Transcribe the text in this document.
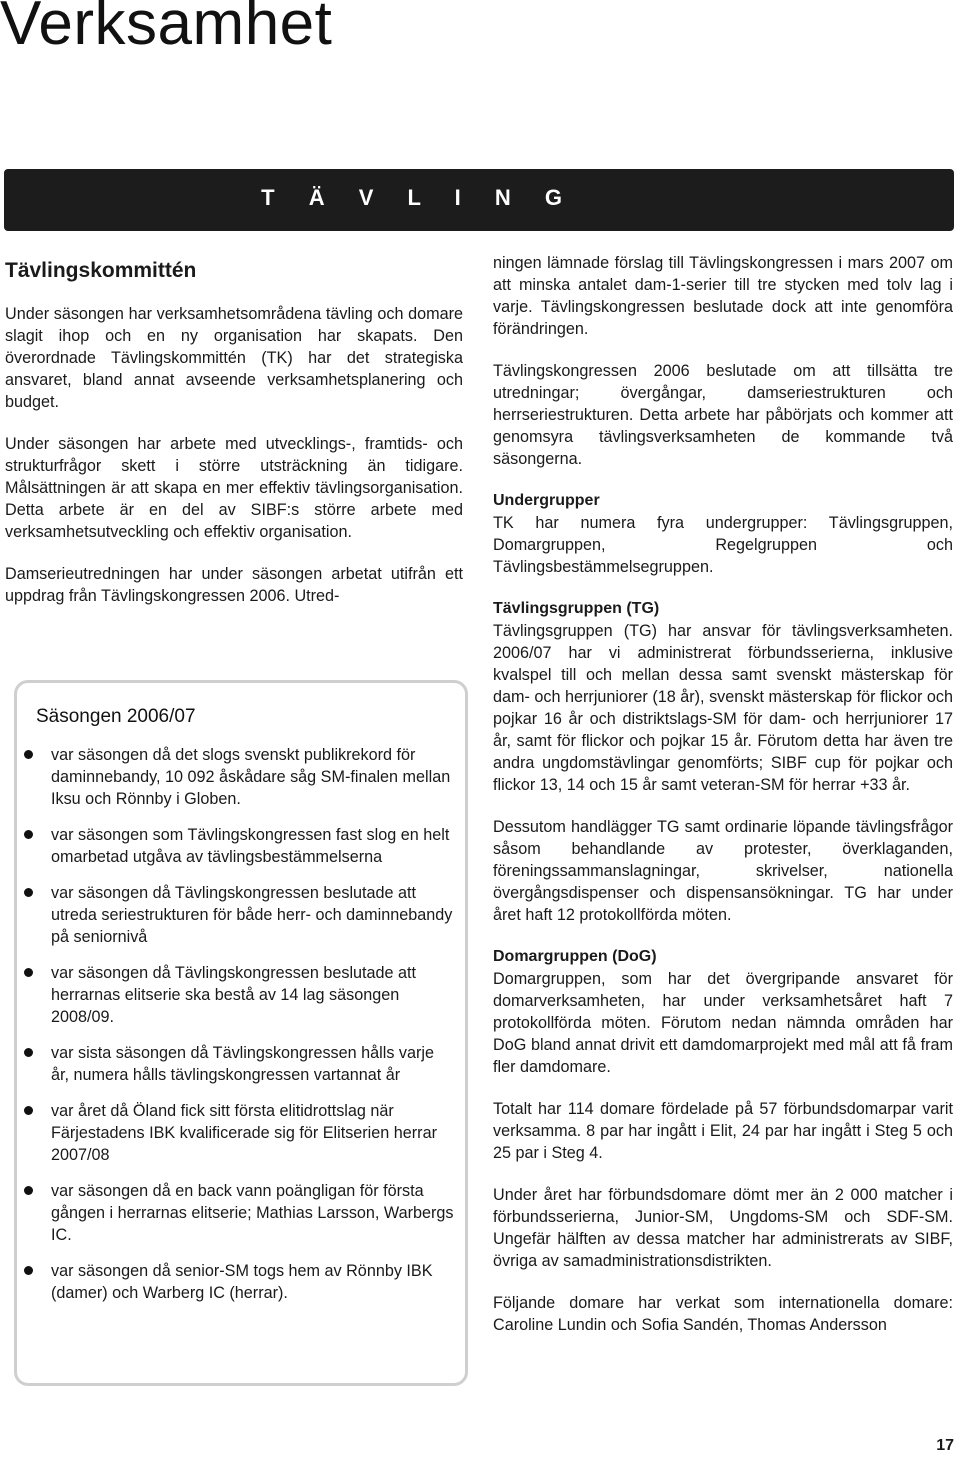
Verksamhet
T Ä V L I N G
Tävlingskommittén

Under säsongen har verksamhetsområdena tävling och domare slagit ihop och en ny organisation har skapats. Den överordnade Tävlingskommittén (TK) har det strategiska ansvaret, bland annat avseende verksamhetsplanering och budget.

Under säsongen har arbete med utvecklings-, framtids- och strukturfrågor skett i större utsträckning än tidigare. Målsättningen är att skapa en mer effektiv tävlingsorganisation. Detta arbete är en del av SIBF:s större arbete med verksamhetsutveckling och effektiv organisation.

Damserieutredningen har under säsongen arbetat utifrån ett uppdrag från Tävlingskongressen 2006. Utred-

Säsongen 2006/07
var säsongen då det slogs svenskt publikrekord för daminnebandy, 10 092 åskådare såg SM-finalen mellan Iksu och Rönnby i Globen.
var säsongen som Tävlingskongressen fast slog en helt omarbetad utgåva av tävlingsbestämmelserna
var säsongen då Tävlingskongressen beslutade att utreda seriestrukturen för både herr- och daminnebandy på seniornivå
var säsongen då Tävlingskongressen beslutade att herrarnas elitserie ska bestå av 14 lag säsongen 2008/09.
var sista säsongen då Tävlingskongressen hålls varje år, numera hålls tävlingskongressen vartannat år
var året då Öland fick sitt första elitidrottslag när Färjestadens IBK kvalificerade sig för Elitserien herrar 2007/08
var säsongen då en back vann poängligan för första gången i herrarnas elitserie; Mathias Larsson, Warbergs IC.
var säsongen då senior-SM togs hem av Rönnby IBK (damer) och Warberg IC (herrar).

ningen lämnade förslag till Tävlingskongressen i mars 2007 om att minska antalet dam-1-serier till tre stycken med tolv lag i varje. Tävlingskongressen beslutade dock att inte genomföra förändringen.

Tävlingskongressen 2006 beslutade om att tillsätta tre utredningar; övergångar, damseriestrukturen och herrseriestrukturen. Detta arbete har påbörjats och kommer att genomsyra tävlingsverksamheten de kommande två säsongerna.

Undergrupper

TK har numera fyra undergrupper: Tävlingsgruppen, Domargruppen, Regelgruppen och Tävlingsbestämmelsegruppen.

Tävlingsgruppen (TG)

Tävlingsgruppen (TG) har ansvar för tävlingsverksamheten. 2006/07 har vi administrerat förbundsserierna, inklusive kvalspel till och mellan dessa samt svenskt mästerskap för dam- och herrjuniorer (18 år), svenskt mästerskap för flickor och pojkar 16 år och distriktslags-SM för dam- och herrjuniorer 17 år, samt för flickor och pojkar 15 år. Förutom detta har även tre andra ungdomstävlingar genomförts; SIBF cup för pojkar och flickor 13, 14 och 15 år samt veteran-SM för herrar +33 år.

Dessutom handlägger TG samt ordinarie löpande tävlingsfrågor såsom behandlande av protester, överklaganden, föreningssammanslagningar, skrivelser, nationella övergångsdispenser och dispensansökningar. TG har under året haft 12 protokollförda möten.

Domargruppen (DoG)

Domargruppen, som har det övergripande ansvaret för domarverksamheten, har under verksamhetsåret haft 7 protokollförda möten. Förutom nedan nämnda områden har DoG bland annat drivit ett damdomarprojekt med mål att få fram fler damdomare.

Totalt har 114 domare fördelade på 57 förbundsdomarpar varit verksamma. 8 par har ingått i Elit, 24 par har ingått i Steg 5 och 25 par i Steg 4.

Under året har förbundsdomare dömt mer än 2 000 matcher i förbundsserierna, Junior-SM, Ungdoms-SM och SDF-SM. Ungefär hälften av dessa matcher har administrerats av SIBF, övriga av samadministrationsdistrikten.

Följande domare har verkat som internationella domare: Caroline Lundin och Sofia Sandén, Thomas Andersson

17
